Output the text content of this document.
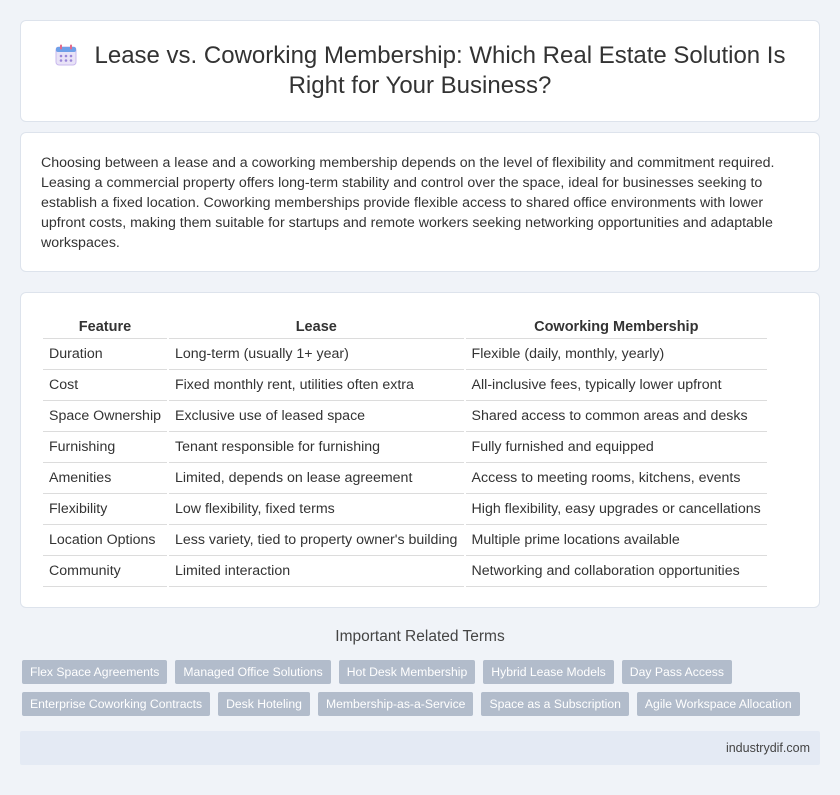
Lease vs. Coworking Membership: Which Real Estate Solution Is Right for Your Business?

Choosing between a lease and a coworking membership depends on the level of flexibility and commitment required. Leasing a commercial property offers long-term stability and control over the space, ideal for businesses seeking to establish a fixed location. Coworking memberships provide flexible access to shared office environments with lower upfront costs, making them suitable for startups and remote workers seeking networking opportunities and adaptable workspaces.

Feature	Lease	Coworking Membership
Duration	Long-term (usually 1+ year)	Flexible (daily, monthly, yearly)
Cost	Fixed monthly rent, utilities often extra	All-inclusive fees, typically lower upfront
Space Ownership	Exclusive use of leased space	Shared access to common areas and desks
Furnishing	Tenant responsible for furnishing	Fully furnished and equipped
Amenities	Limited, depends on lease agreement	Access to meeting rooms, kitchens, events
Flexibility	Low flexibility, fixed terms	High flexibility, easy upgrades or cancellations
Location Options	Less variety, tied to property owner's building	Multiple prime locations available
Community	Limited interaction	Networking and collaboration opportunities
Important Related Terms
Flex Space Agreements	Managed Office Solutions	Hot Desk Membership	Hybrid Lease Models	Day Pass Access
Enterprise Coworking Contracts	Desk Hoteling	Membership-as-a-Service	Space as a Subscription	Agile Workspace Allocation
industrydif.com
